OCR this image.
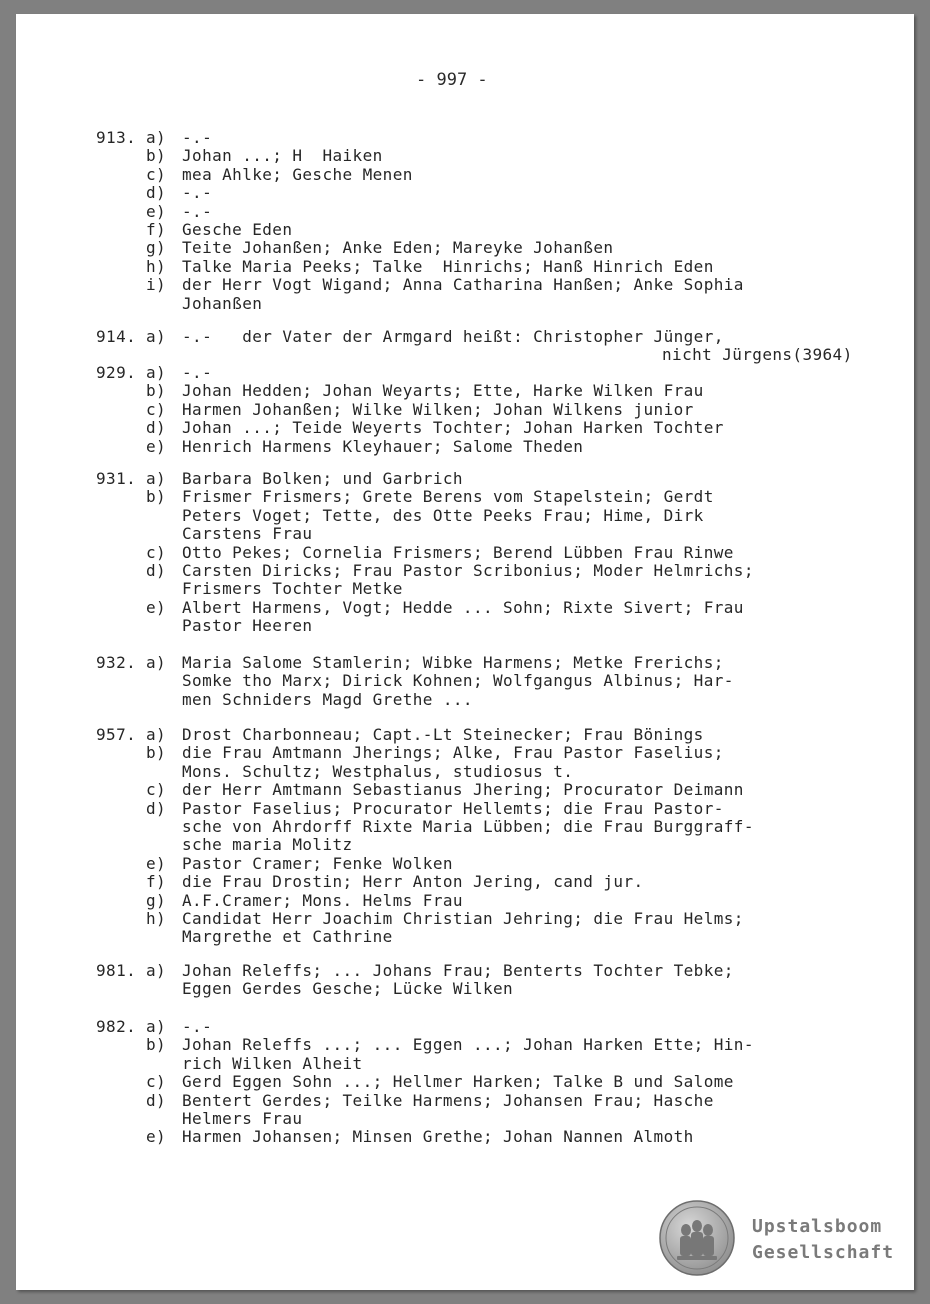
- 997 -
913. a) -.-
b) Johan ...; H  Haiken
c) mea Ahlke; Gesche Menen
d) -.-
e) -.-
f) Gesche Eden
g) Teite Johanßen; Anke Eden; Mareyke Johanßen
h) Talke Maria Peeks; Talke  Hinrichs; Hanß Hinrich Eden
i) der Herr Vogt Wigand; Anna Catharina Hanßen; Anke Sophia
Johanßen
914. a) -.-   der Vater der Armgard heißt: Christopher Jünger,
nicht Jürgens(3964)
929. a) -.-
b) Johan Hedden; Johan Weyarts; Ette, Harke Wilken Frau
c) Harmen Johanßen; Wilke Wilken; Johan Wilkens junior
d) Johan ...; Teide Weyerts Tochter; Johan Harken Tochter
e) Henrich Harmens Kleyhauer; Salome Theden
931. a) Barbara Bolken; und Garbrich
b) Frismer Frismers; Grete Berens vom Stapelstein; Gerdt
Peters Voget; Tette, des Otte Peeks Frau; Hime, Dirk
Carstens Frau
c) Otto Pekes; Cornelia Frismers; Berend Lübben Frau Rinwe
d) Carsten Diricks; Frau Pastor Scribonius; Moder Helmrichs;
Frismers Tochter Metke
e) Albert Harmens, Vogt; Hedde ... Sohn; Rixte Sivert; Frau
Pastor Heeren
932. a) Maria Salome Stamlerin; Wibke Harmens; Metke Frerichs;
Somke tho Marx; Dirick Kohnen; Wolfgangus Albinus; Har-
men Schniders Magd Grethe ...
957. a) Drost Charbonneau; Capt.-Lt Steinecker; Frau Bönings
b) die Frau Amtmann Jherings; Alke, Frau Pastor Faselius;
Mons. Schultz; Westphalus, studiosus t.
c) der Herr Amtmann Sebastianus Jhering; Procurator Deimann
d) Pastor Faselius; Procurator Hellemts; die Frau Pastor-
sche von Ahrdorff Rixte Maria Lübben; die Frau Burggraff-
sche maria Molitz
e) Pastor Cramer; Fenke Wolken
f) die Frau Drostin; Herr Anton Jering, cand jur.
g) A.F.Cramer; Mons. Helms Frau
h) Candidat Herr Joachim Christian Jehring; die Frau Helms;
Margrethe et Cathrine
981. a) Johan Releffs; ... Johans Frau; Benterts Tochter Tebke;
Eggen Gerdes Gesche; Lücke Wilken
982. a) -.-
b) Johan Releffs ...; ... Eggen ...; Johan Harken Ette; Hin-
rich Wilken Alheit
c) Gerd Eggen Sohn ...; Hellmer Harken; Talke B und Salome
d) Bentert Gerdes; Teilke Harmens; Johansen Frau; Hasche
Helmers Frau
e) Harmen Johansen; Minsen Grethe; Johan Nannen Almoth
Upstalsboom
Gesellschaft
